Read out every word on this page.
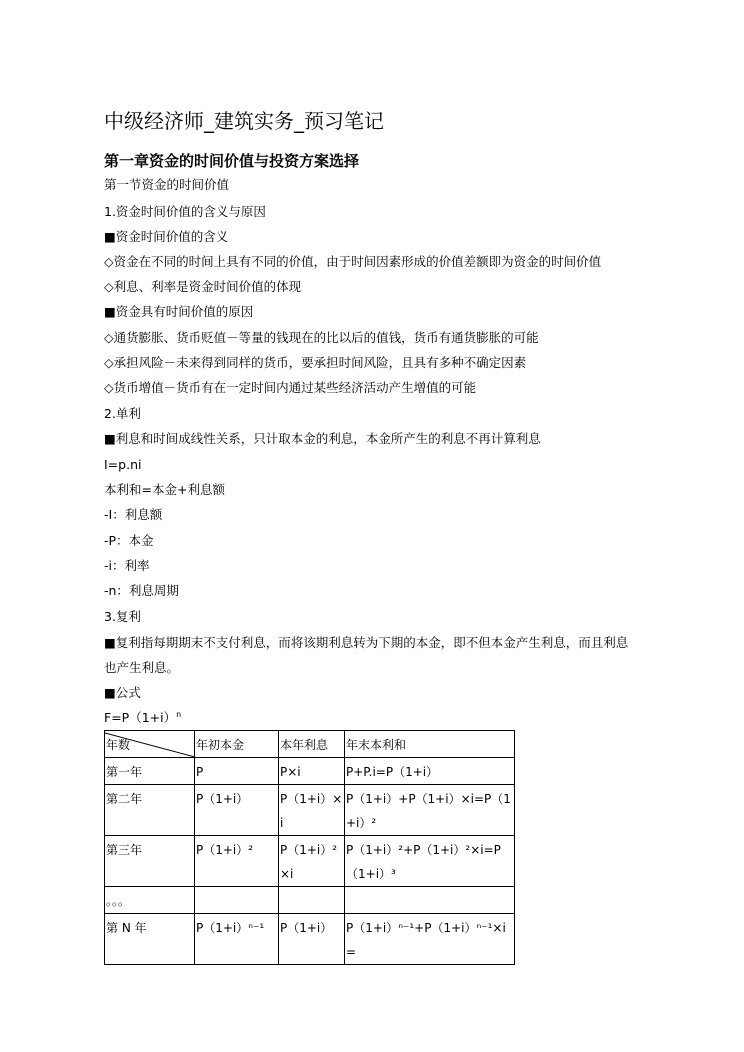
中级经济师_建筑实务_预习笔记
第一章资金的时间价值与投资方案选择
第一节资金的时间价值
1.资金时间价值的含义与原因
■资金时间价值的含义
◇资金在不同的时间上具有不同的价值，由于时间因素形成的价值差额即为资金的时间价值
◇利息、利率是资金时间价值的体现
■资金具有时间价值的原因
◇通货膨胀、货币贬值－等量的钱现在的比以后的值钱，货币有通货膨胀的可能
◇承担风险－未来得到同样的货币，要承担时间风险，且具有多种不确定因素
◇货币增值－货币有在一定时间内通过某些经济活动产生增值的可能
2.单利
■利息和时间成线性关系，只计取本金的利息，本金所产生的利息不再计算利息
I=p.ni
本利和=本金+利息额
-I：利息额
-P：本金
-i：利率
-n：利息周期
3.复利
■复利指每期期末不支付利息，而将该期利息转为下期的本金，即不但本金产生利息，而且利息也产生利息。
■公式
$F=P(1+i)^n$
年数	年初本金	本年利息	年末本利和
第一年	P	P×i	P+P.i=P（1+i）
第二年	P（1+i）	P（1+i）×i	P（1+i）+P（1+i）×i=P（1+i）²
第三年	P（1+i）²	P（1+i）²×i	P（1+i）²+P（1+i）²×i=P（1+i）³
。。。			
第 N 年	P（1+i）ⁿ⁻¹	P（1+i）	P（1+i）ⁿ⁻¹+P（1+i）ⁿ⁻¹×i=
